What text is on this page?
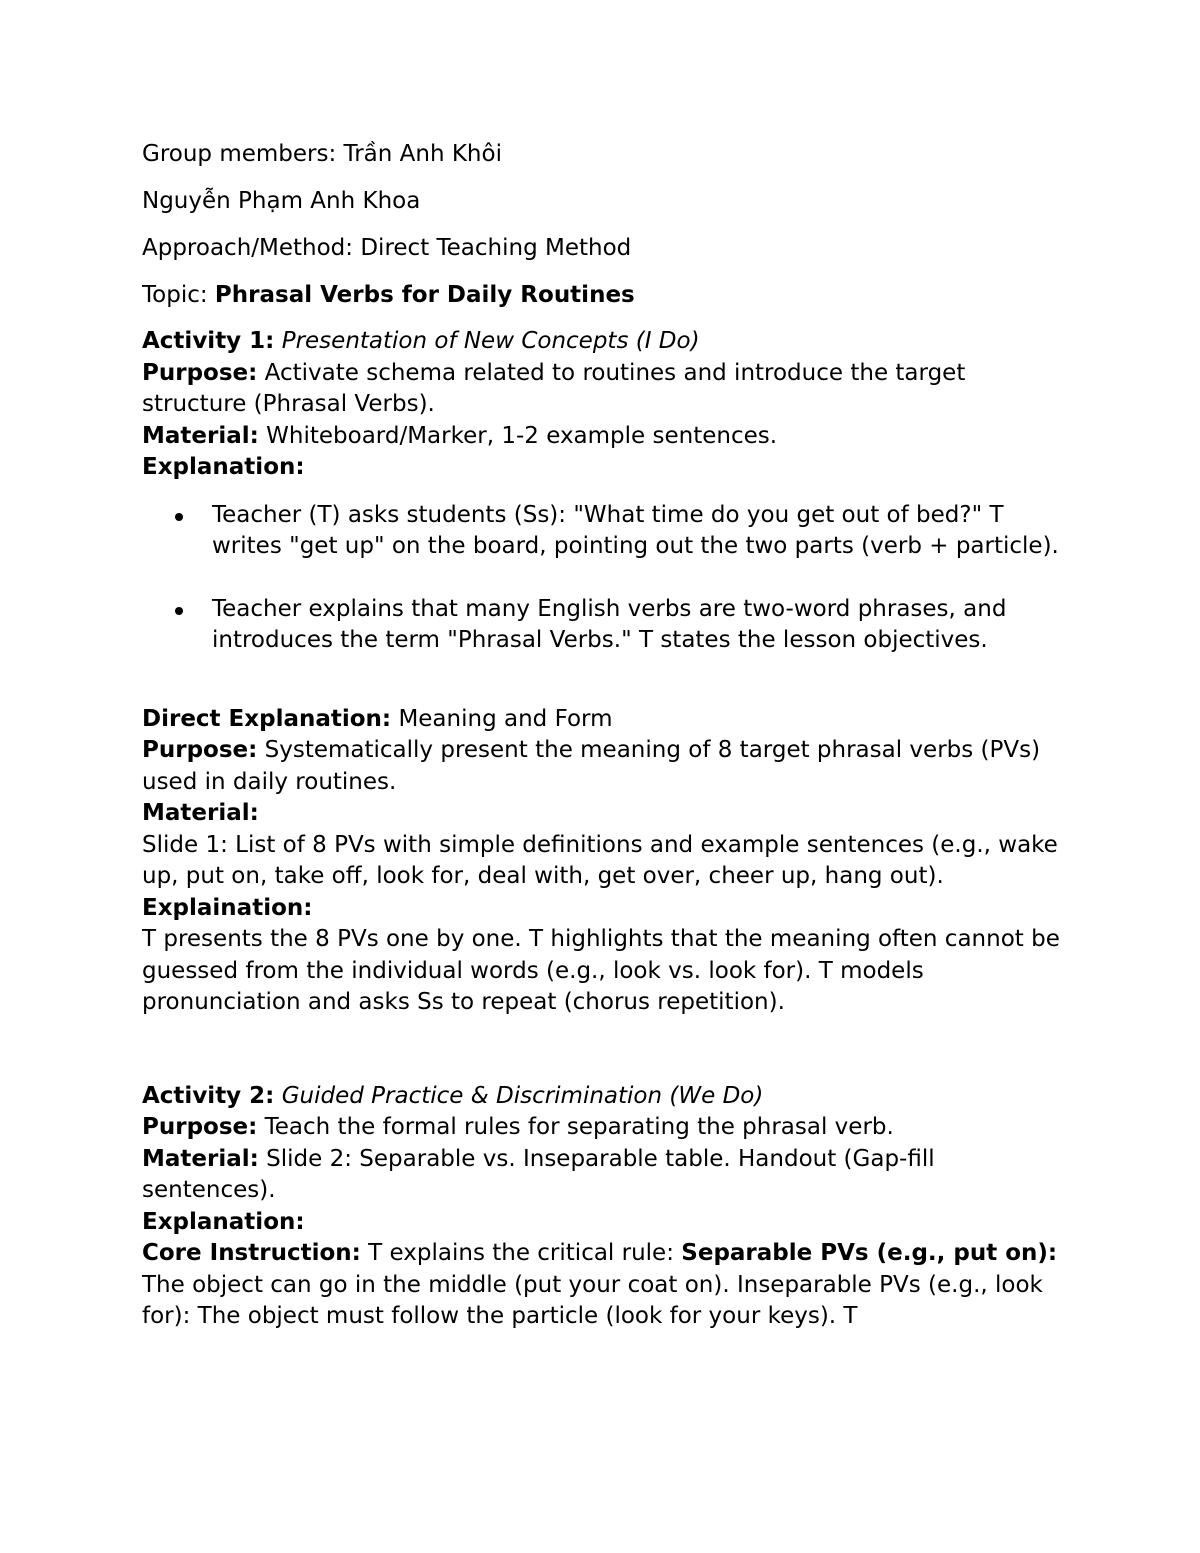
Group members: Trần Anh Khôi

Nguyễn Phạm Anh Khoa

Approach/Method: Direct Teaching Method

Topic: Phrasal Verbs for Daily Routines

Activity 1: Presentation of New Concepts (I Do)

Purpose: Activate schema related to routines and introduce the target structure (Phrasal Verbs).

Material: Whiteboard/Marker, 1-2 example sentences.

Explanation:

Teacher (T) asks students (Ss): "What time do you get out of bed?" T writes "get up" on the board, pointing out the two parts (verb + particle).
Teacher explains that many English verbs are two-word phrases, and introduces the term "Phrasal Verbs." T states the lesson objectives.

Direct Explanation: Meaning and Form

Purpose: Systematically present the meaning of 8 target phrasal verbs (PVs) used in daily routines.

Material:

Slide 1: List of 8 PVs with simple definitions and example sentences (e.g., wake up, put on, take off, look for, deal with, get over, cheer up, hang out).

Explaination:

T presents the 8 PVs one by one. T highlights that the meaning often cannot be guessed from the individual words (e.g., look vs. look for). T models pronunciation and asks Ss to repeat (chorus repetition).

Activity 2: Guided Practice & Discrimination (We Do)

Purpose: Teach the formal rules for separating the phrasal verb.

Material: Slide 2: Separable vs. Inseparable table. Handout (Gap-fill sentences).

Explanation:

Core Instruction: T explains the critical rule: Separable PVs (e.g., put on): The object can go in the middle (put your coat on). Inseparable PVs (e.g., look for): The object must follow the particle (look for your keys). T
